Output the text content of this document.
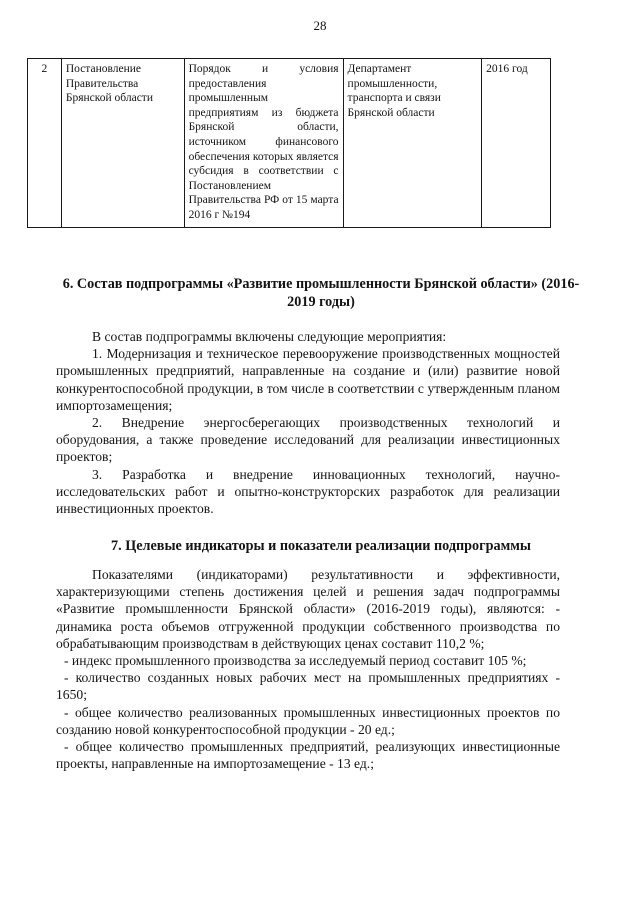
28
2	Постановление Правительства Брянской области	Порядок и условия предоставления промышленным предприятиям из бюджета Брянской области, источником финансового обеспечения которых является субсидия в соответствии с Постановлением Правительства РФ от 15 марта 2016 г №194	Департамент промышленности, транспорта и связи Брянской области	2016 год
6. Состав подпрограммы «Развитие промышленности Брянской области» (2016-2019 годы)

В состав подпрограммы включены следующие мероприятия:

1. Модернизация и техническое перевооружение производственных мощностей промышленных предприятий, направленные на создание и (или) развитие новой конкурентоспособной продукции, в том числе в соответствии с утвержденным планом импортозамещения;

2. Внедрение энергосберегающих производственных технологий и оборудования, а также проведение исследований для реализации инвестиционных проектов;

3. Разработка и внедрение инновационных технологий, научно-исследовательских работ и опытно-конструкторских разработок для реализации инвестиционных проектов.

7. Целевые индикаторы и показатели реализации подпрограммы

Показателями (индикаторами) результативности и эффективности, характеризующими степень достижения целей и решения задач подпрограммы «Развитие промышленности Брянской области» (2016-2019 годы), являются: - динамика роста объемов отгруженной продукции собственного производства по обрабатывающим производствам в действующих ценах составит 110,2 %;

- индекс промышленного производства за исследуемый период составит 105 %;

- количество созданных новых рабочих мест на промышленных предприятиях - 1650;

- общее количество реализованных промышленных инвестиционных проектов по созданию новой конкурентоспособной продукции - 20 ед.;

- общее количество промышленных предприятий, реализующих инвестиционные проекты, направленные на импортозамещение - 13 ед.;
